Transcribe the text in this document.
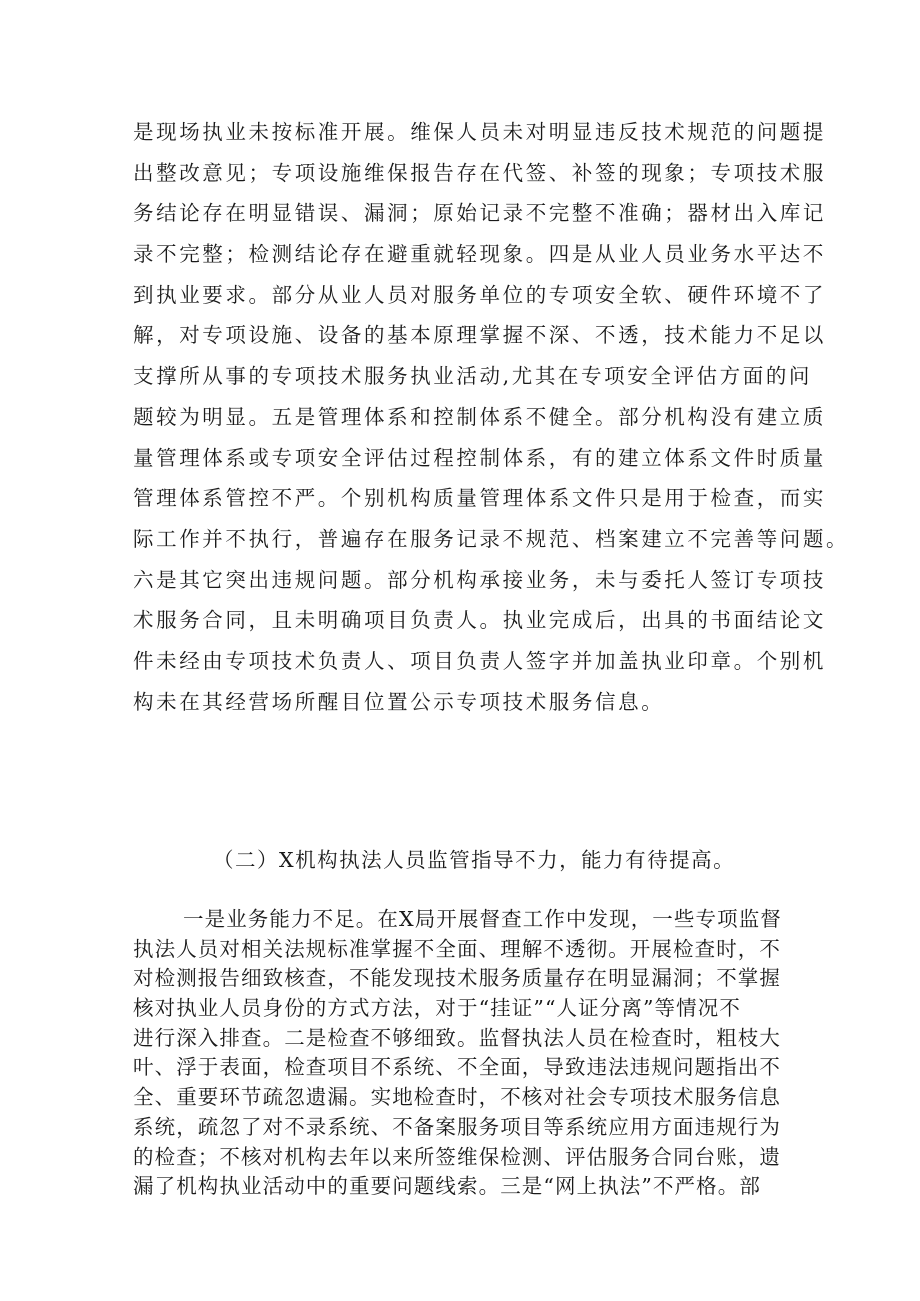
是现场执业未按标准开展。维保人员未对明显违反技术规范的问题提
出整改意见；专项设施维保报告存在代签、补签的现象；专项技术服
务结论存在明显错误、漏洞；原始记录不完整不准确；器材出入库记
录不完整；检测结论存在避重就轻现象。四是从业人员业务水平达不
到执业要求。部分从业人员对服务单位的专项安全软、硬件环境不了
解，对专项设施、设备的基本原理掌握不深、不透，技术能力不足以
支撑所从事的专项技术服务执业活动,尤其在专项安全评估方面的问
题较为明显。五是管理体系和控制体系不健全。部分机构没有建立质
量管理体系或专项安全评估过程控制体系，有的建立体系文件时质量
管理体系管控不严。个别机构质量管理体系文件只是用于检查，而实
际工作并不执行，普遍存在服务记录不规范、档案建立不完善等问题。
六是其它突出违规问题。部分机构承接业务，未与委托人签订专项技
术服务合同，且未明确项目负责人。执业完成后，出具的书面结论文
件未经由专项技术负责人、项目负责人签字并加盖执业印章。个别机
构未在其经营场所醒目位置公示专项技术服务信息。
（二）X机构执法人员监管指导不力，能力有待提高。
一是业务能力不足。在X局开展督查工作中发现，一些专项监督
执法人员对相关法规标准掌握不全面、理解不透彻。开展检查时，不
对检测报告细致核查，不能发现技术服务质量存在明显漏洞；不掌握
核对执业人员身份的方式方法，对于“挂证”“人证分离”等情况不
进行深入排查。二是检查不够细致。监督执法人员在检查时，粗枝大
叶、浮于表面，检查项目不系统、不全面，导致违法违规问题指出不
全、重要环节疏忽遗漏。实地检查时，不核对社会专项技术服务信息
系统，疏忽了对不录系统、不备案服务项目等系统应用方面违规行为
的检查；不核对机构去年以来所签维保检测、评估服务合同台账，遗
漏了机构执业活动中的重要问题线索。三是“网上执法”不严格。部
